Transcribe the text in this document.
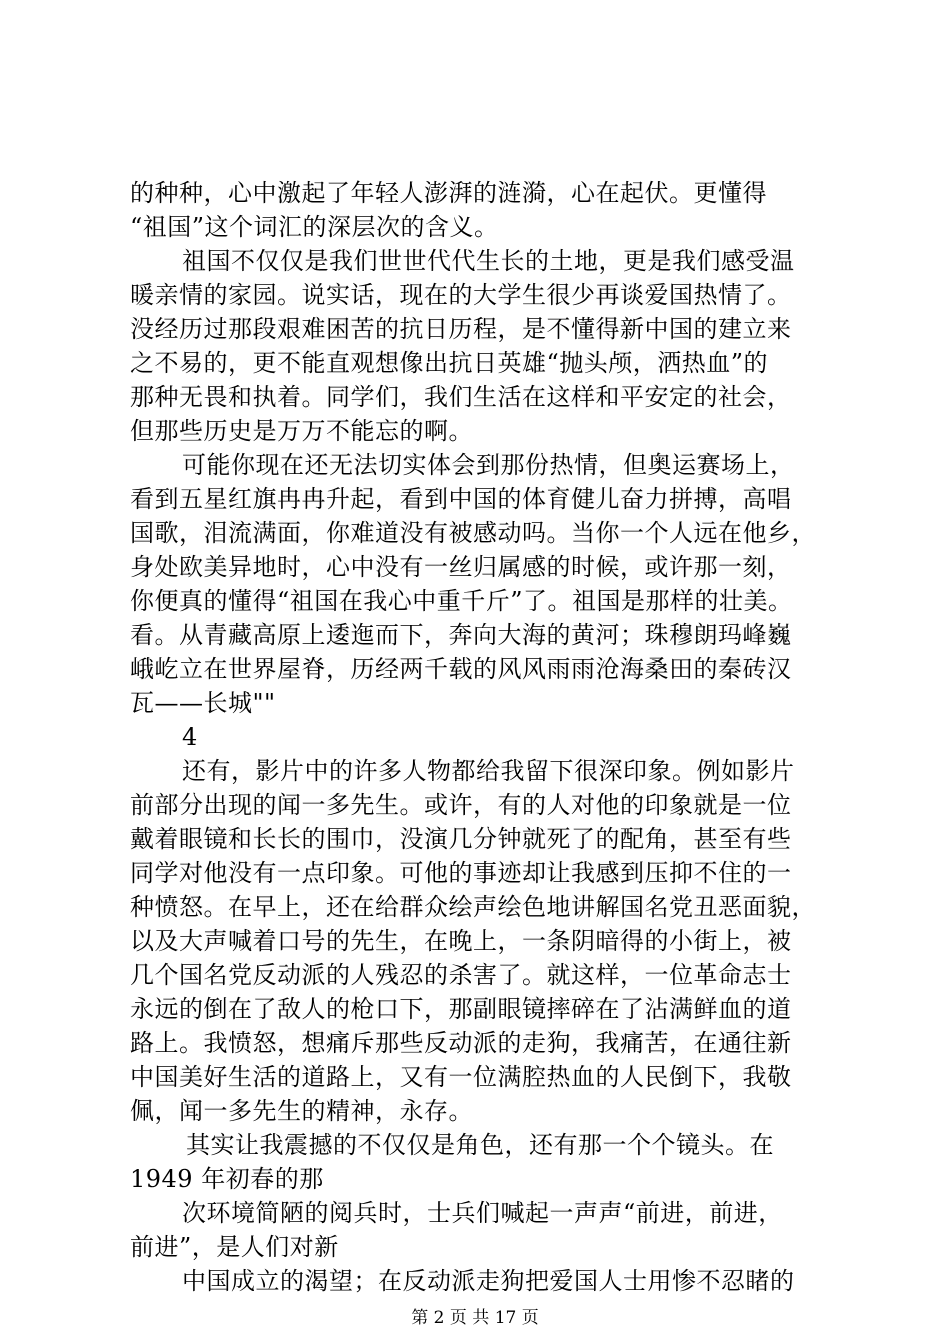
的种种，心中激起了年轻人澎湃的涟漪，心在起伏。更懂得
“祖国”这个词汇的深层次的含义。
祖国不仅仅是我们世世代代生长的土地，更是我们感受温
暖亲情的家园。说实话，现在的大学生很少再谈爱国热情了。
没经历过那段艰难困苦的抗日历程，是不懂得新中国的建立来
之不易的，更不能直观想像出抗日英雄“抛头颅，洒热血”的
那种无畏和执着。同学们，我们生活在这样和平安定的社会，
但那些历史是万万不能忘的啊。
可能你现在还无法切实体会到那份热情，但奥运赛场上，
看到五星红旗冉冉升起，看到中国的体育健儿奋力拼搏，高唱
国歌，泪流满面，你难道没有被感动吗。当你一个人远在他乡，
身处欧美异地时，心中没有一丝归属感的时候，或许那一刻，
你便真的懂得“祖国在我心中重千斤”了。祖国是那样的壮美。
看。从青藏高原上逶迤而下，奔向大海的黄河；珠穆朗玛峰巍
峨屹立在世界屋脊，历经两千载的风风雨雨沧海桑田的秦砖汉
瓦——长城""
4
还有，影片中的许多人物都给我留下很深印象。例如影片
前部分出现的闻一多先生。或许，有的人对他的印象就是一位
戴着眼镜和长长的围巾，没演几分钟就死了的配角，甚至有些
同学对他没有一点印象。可他的事迹却让我感到压抑不住的一
种愤怒。在早上，还在给群众绘声绘色地讲解国名党丑恶面貌，
以及大声喊着口号的先生，在晚上，一条阴暗得的小街上，被
几个国名党反动派的人残忍的杀害了。就这样，一位革命志士
永远的倒在了敌人的枪口下，那副眼镜摔碎在了沾满鲜血的道
路上。我愤怒，想痛斥那些反动派的走狗，我痛苦，在通往新
中国美好生活的道路上，又有一位满腔热血的人民倒下，我敬
佩，闻一多先生的精神，永存。
其实让我震撼的不仅仅是角色，还有那一个个镜头。在
1949 年初春的那
次环境简陋的阅兵时，士兵们喊起一声声“前进，前进，
前进”，是人们对新
中国成立的渴望；在反动派走狗把爱国人士用惨不忍睹的
第 2 页 共 17 页
